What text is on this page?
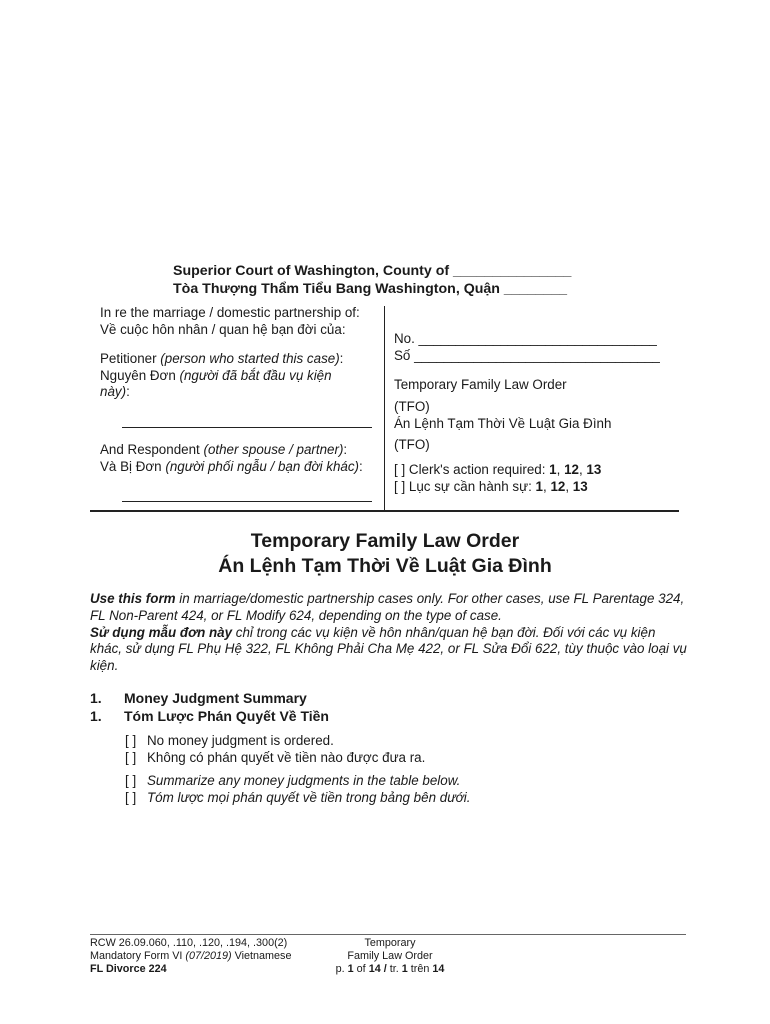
Superior Court of Washington, County of _______________
Tòa Thượng Thẩm Tiểu Bang Washington, Quận ________
In re the marriage / domestic partnership of:
Về cuộc hôn nhân / quan hệ bạn đời của:
Petitioner (person who started this case):
Nguyên Đơn (người đã bắt đầu vụ kiện
này):
And Respondent (other spouse / partner):
Và Bị Đơn (người phối ngẫu / bạn đời khác):
No. ________________________________
Số _________________________________
Temporary Family Law Order
(TFO)
Án Lệnh Tạm Thời Về Luật Gia Đình
(TFO)
[ ] Clerk's action required: 1, 12, 13
[ ] Lục sự cần hành sự: 1, 12, 13
Temporary Family Law Order
Án Lệnh Tạm Thời Về Luật Gia Đình
Use this form in marriage/domestic partnership cases only. For other cases, use FL Parentage 324, FL Non-Parent 424, or FL Modify 624, depending on the type of case.
Sử dụng mẫu đơn này chỉ trong các vụ kiện về hôn nhân/quan hệ bạn đời. Đối với các vụ kiện khác, sử dụng FL Phụ Hệ 322, FL Không Phải Cha Mẹ 422, or FL Sửa Đổi 622, tùy thuộc vào loại vụ kiện.
1. Money Judgment Summary
1. Tóm Lược Phán Quyết Về Tiền
[ ] No money judgment is ordered.
[ ] Không có phán quyết về tiền nào được đưa ra.
[ ] Summarize any money judgments in the table below.
[ ] Tóm lược mọi phán quyết về tiền trong bảng bên dưới.
RCW 26.09.060, .110, .120, .194, .300(2)
Mandatory Form VI (07/2019) Vietnamese
FL Divorce 224
Temporary
Family Law Order
p. 1 of 14 / tr. 1 trên 14
